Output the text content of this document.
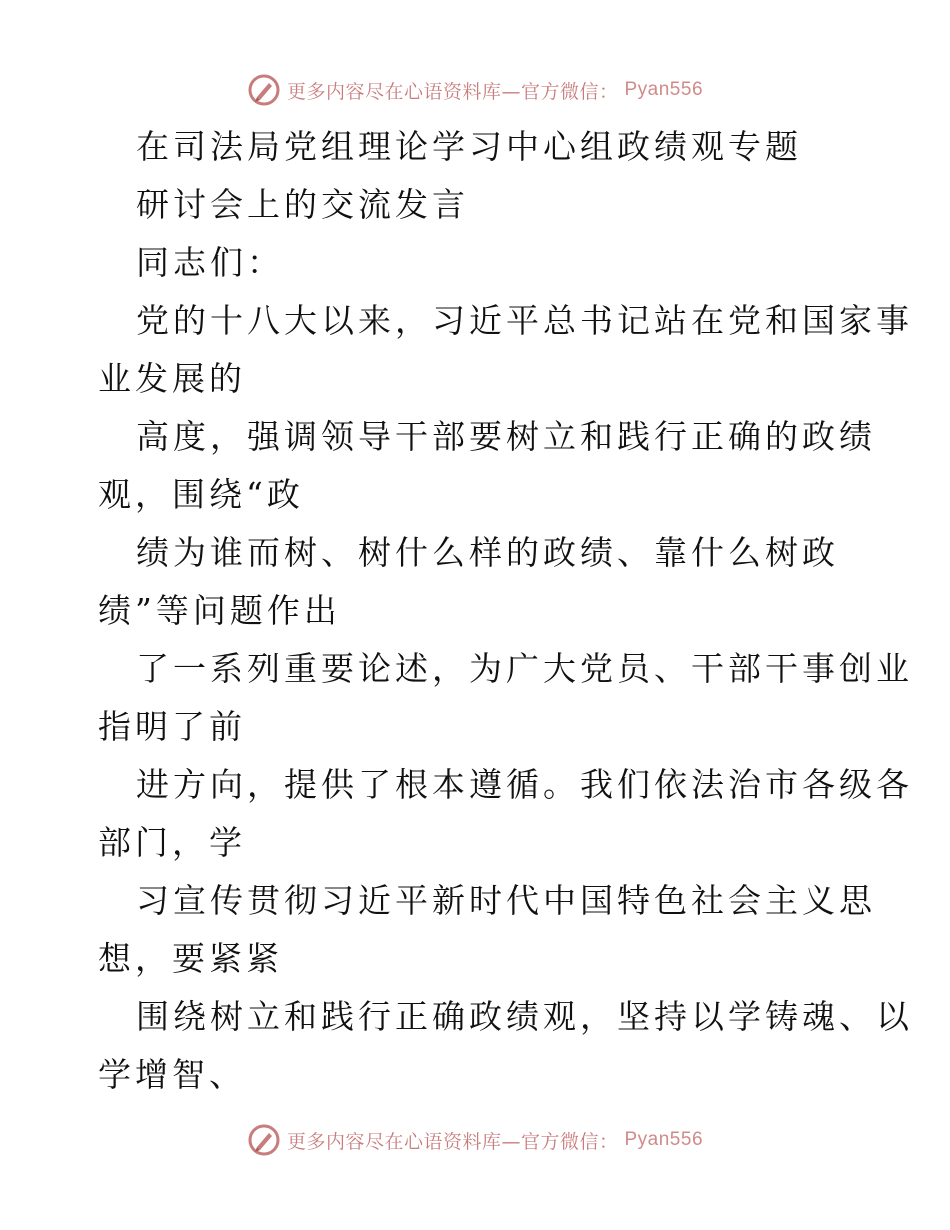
更多内容尽在心语资料库—官方微信： Pyan556
在司法局党组理论学习中心组政绩观专题
研讨会上的交流发言
同志们：
党的十八大以来，习近平总书记站在党和国家事
业发展的
高度，强调领导干部要树立和践行正确的政绩
观，围绕“政
绩为谁而树、树什么样的政绩、靠什么树政
绩”等问题作出
了一系列重要论述，为广大党员、干部干事创业
指明了前
进方向，提供了根本遵循。我们依法治市各级各
部门，学
习宣传贯彻习近平新时代中国特色社会主义思
想，要紧紧
围绕树立和践行正确政绩观，坚持以学铸魂、以
学增智、
更多内容尽在心语资料库—官方微信： Pyan556
